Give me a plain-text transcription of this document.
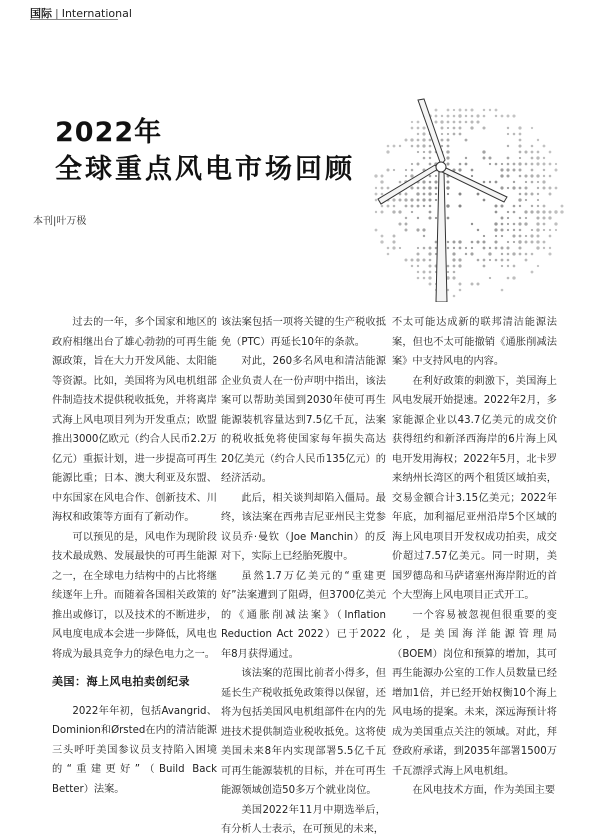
国际 | International
2022年
全球重点风电市场回顾
本刊|叶万极

过去的一年，多个国家和地区的政府相继出台了雄心勃勃的可再生能源政策，旨在大力开发风能、太阳能等资源。比如，美国将为风电机组部件制造技术提供税收抵免，并将离岸式海上风电项目列为开发重点；欧盟推出3000亿欧元（约合人民币2.2万亿元）重振计划，进一步提高可再生能源比重；日本、澳大利亚及东盟、中东国家在风电合作、创新技术、川海权和政策等方面有了新动作。

可以预见的是，风电作为现阶段技术最成熟、发展最快的可再生能源之一，在全球电力结构中的占比将继续逐年上升。而随着各国相关政策的推出或修订，以及技术的不断进步，风电度电成本会进一步降低，风电也将成为最具竞争力的绿色电力之一。

美国：海上风电拍卖创纪录

2022年年初，包括Avangrid、Dominion和Ørsted在内的清洁能源三头呼吁美国参议员支持陷入困境的“重建更好”（Build Back Better）法案。

该法案包括一项将关键的生产税收抵免（PTC）再延长10年的条款。

对此，260多名风电和清洁能源企业负责人在一份声明中指出，该法案可以帮助美国到2030年使可再生能源装机容量达到7.5亿千瓦，法案的税收抵免将使国家每年损失高达20亿美元（约合人民币135亿元）的经济活动。

此后，相关谈判却陷入僵局。最终，该法案在西弗吉尼亚州民主党参议员乔·曼钦（Joe Manchin）的反对下，实际上已经胎死腹中。

虽然1.7万亿美元的“重建更好”法案遭到了阻碍，但3700亿美元的《通胀削减法案》（Inflation Reduction Act 2022）已于2022年8月获得通过。

该法案的范围比前者小得多，但延长生产税收抵免政策得以保留，还将为包括美国风电机组部件在内的先进技术提供制造业税收抵免。这将使美国未来8年内实现部署5.5亿千瓦可再生能源装机的目标，并在可再生能源领域创造50多万个就业岗位。

美国2022年11月中期选举后，有分析人士表示，在可预见的未来，

不太可能达成新的联邦清洁能源法案，但也不太可能撤销《通胀削减法案》中支持风电的内容。

在利好政策的刺激下，美国海上风电发展开始提速。2022年2月，多家能源企业以43.7亿美元的成交价获得纽约和新泽西海岸的6片海上风电开发用海权；2022年5月，北卡罗来纳州长湾区的两个租赁区域拍卖，交易金额合计3.15亿美元；2022年年底，加利福尼亚州沿岸5个区域的海上风电项目开发权成功拍卖，成交价超过7.57亿美元。同一时期，美国罗德岛和马萨诸塞州海岸附近的首个大型海上风电项目正式开工。

一个容易被忽视但很重要的变化，是美国海洋能源管理局（BOEM）岗位和预算的增加，其可再生能源办公室的工作人员数量已经增加1倍，并已经开始权衡10个海上风电场的提案。未来，深远海预计将成为美国重点关注的领域。对此，拜登政府承诺，到2035年部署1500万千瓦漂浮式海上风电机组。

在风电技术方面，作为美国主要
